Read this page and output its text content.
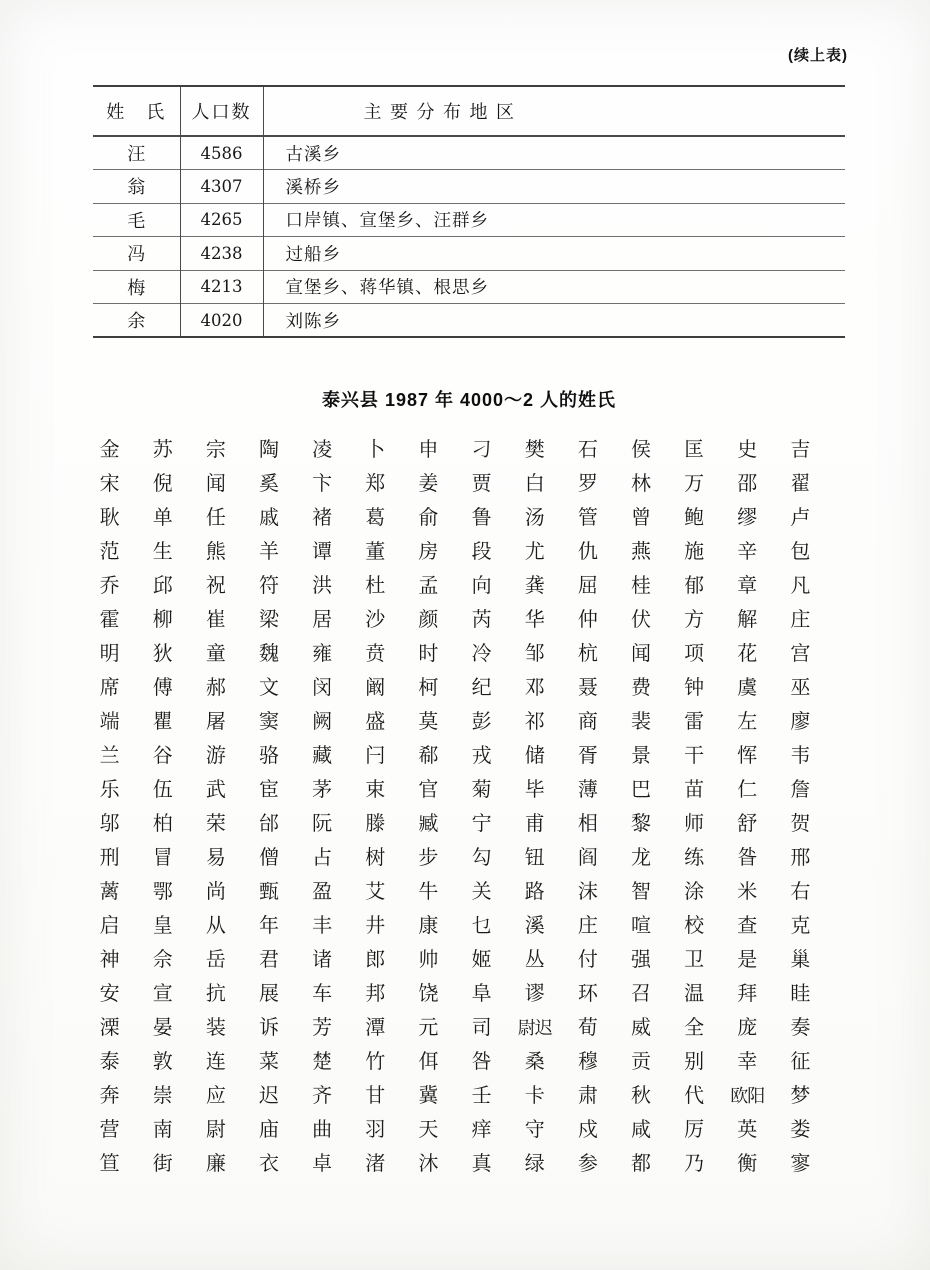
(续上表)
姓　氏	人口数	主 要 分 布 地 区
汪	4586	古溪乡
翁	4307	溪桥乡
毛	4265	口岸镇、宣堡乡、汪群乡
冯	4238	过船乡
梅	4213	宣堡乡、蒋华镇、根思乡
余	4020	刘陈乡
泰兴县 1987 年 4000～2 人的姓氏
金	苏	宗	陶	凌	卜	申	刁	樊	石	侯	匡	史	吉
宋	倪	闻	奚	卞	郑	姜	贾	白	罗	林	万	邵	翟
耿	单	任	戚	褚	葛	俞	鲁	汤	管	曾	鲍	缪	卢
范	生	熊	羊	谭	董	房	段	尤	仇	燕	施	辛	包
乔	邱	祝	符	洪	杜	孟	向	龚	屈	桂	郁	章	凡
霍	柳	崔	梁	居	沙	颜	芮	华	仲	伏	方	解	庄
明	狄	童	魏	雍	贲	时	冷	邹	杭	闻	项	花	宫
席	傅	郝	文	闵	阚	柯	纪	邓	聂	费	钟	虞	巫
端	瞿	屠	窦	阙	盛	莫	彭	祁	商	裴	雷	左	廖
兰	谷	游	骆	藏	闩	郗	戎	储	胥	景	干	恽	韦
乐	伍	武	宦	茅	束	官	菊	毕	薄	巴	苗	仁	詹
邬	柏	荣	邰	阮	滕	臧	宁	甫	相	黎	师	舒	贺
刑	冒	易	僧	占	树	步	勾	钮	阎	龙	练	昝	邢
蓠	鄂	尚	甄	盈	艾	牛	关	路	沫	智	涂	米	右
启	皇	从	年	丰	井	康	乜	溪	庄	喧	校	查	克
神	佘	岳	君	诸	郎	帅	姬	丛	付	强	卫	是	巢
安	宣	抗	展	车	邦	饶	阜	谬	环	召	温	拜	眭
溧	晏	装	诉	芳	潭	元	司	尉迟	荀	威	全	庞	奏
泰	敦	连	菜	楚	竹	佴	咎	桑	穆	贡	别	幸	征
奔	崇	应	迟	齐	甘	冀	壬	卡	肃	秋	代	欧阳	梦
营	南	尉	庙	曲	羽	天	痒	守	戍	咸	厉	英	娄
笪	街	廉	衣	卓	渚	沐	真	绿	参	都	乃	衡	寥
